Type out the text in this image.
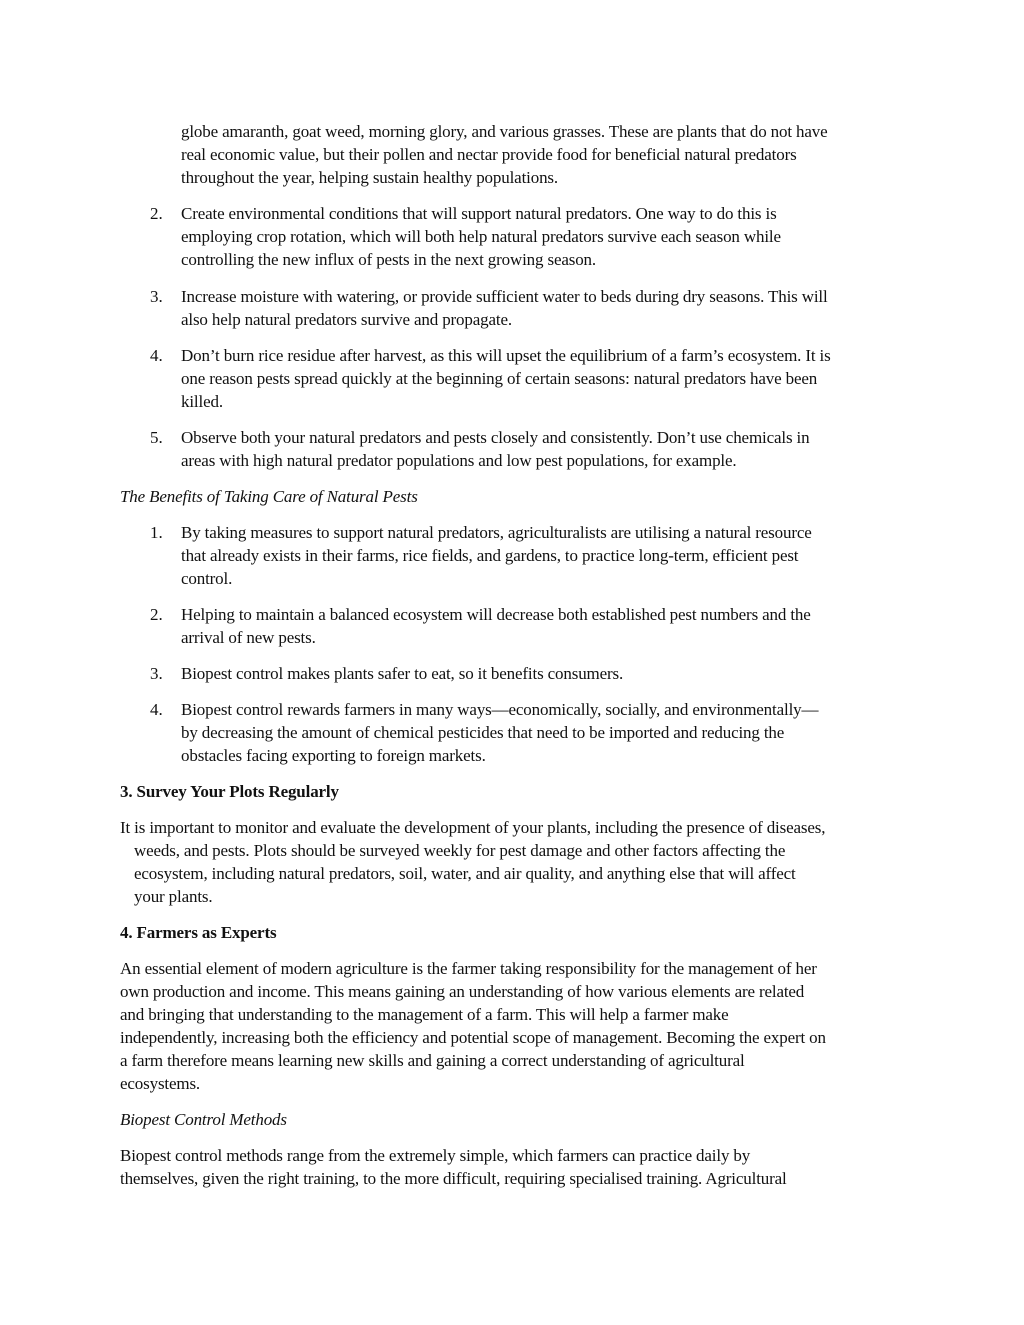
globe amaranth, goat weed, morning glory, and various grasses. These are plants that do not have
real economic value, but their pollen and nectar provide food for beneficial natural predators
throughout the year, helping sustain healthy populations.
2. Create environmental conditions that will support natural predators. One way to do this is
employing crop rotation, which will both help natural predators survive each season while
controlling the new influx of pests in the next growing season.
3. Increase moisture with watering, or provide sufficient water to beds during dry seasons. This will
also help natural predators survive and propagate.
4. Don’t burn rice residue after harvest, as this will upset the equilibrium of a farm’s ecosystem. It is
one reason pests spread quickly at the beginning of certain seasons: natural predators have been
killed.
5. Observe both your natural predators and pests closely and consistently. Don’t use chemicals in
areas with high natural predator populations and low pest populations, for example.
The Benefits of Taking Care of Natural Pests
1. By taking measures to support natural predators, agriculturalists are utilising a natural resource
that already exists in their farms, rice fields, and gardens, to practice long-term, efficient pest
control.
2. Helping to maintain a balanced ecosystem will decrease both established pest numbers and the
arrival of new pests.
3. Biopest control makes plants safer to eat, so it benefits consumers.
4. Biopest control rewards farmers in many ways—economically, socially, and environmentally—
by decreasing the amount of chemical pesticides that need to be imported and reducing the
obstacles facing exporting to foreign markets.
3. Survey Your Plots Regularly
It is important to monitor and evaluate the development of your plants, including the presence of diseases,
weeds, and pests. Plots should be surveyed weekly for pest damage and other factors affecting the
ecosystem, including natural predators, soil, water, and air quality, and anything else that will affect
your plants.
4. Farmers as Experts
An essential element of modern agriculture is the farmer taking responsibility for the management of her
own production and income. This means gaining an understanding of how various elements are related
and bringing that understanding to the management of a farm. This will help a farmer make
independently, increasing both the efficiency and potential scope of management. Becoming the expert on
a farm therefore means learning new skills and gaining a correct understanding of agricultural
ecosystems.
Biopest Control Methods
Biopest control methods range from the extremely simple, which farmers can practice daily by
themselves, given the right training, to the more difficult, requiring specialised training. Agricultural
